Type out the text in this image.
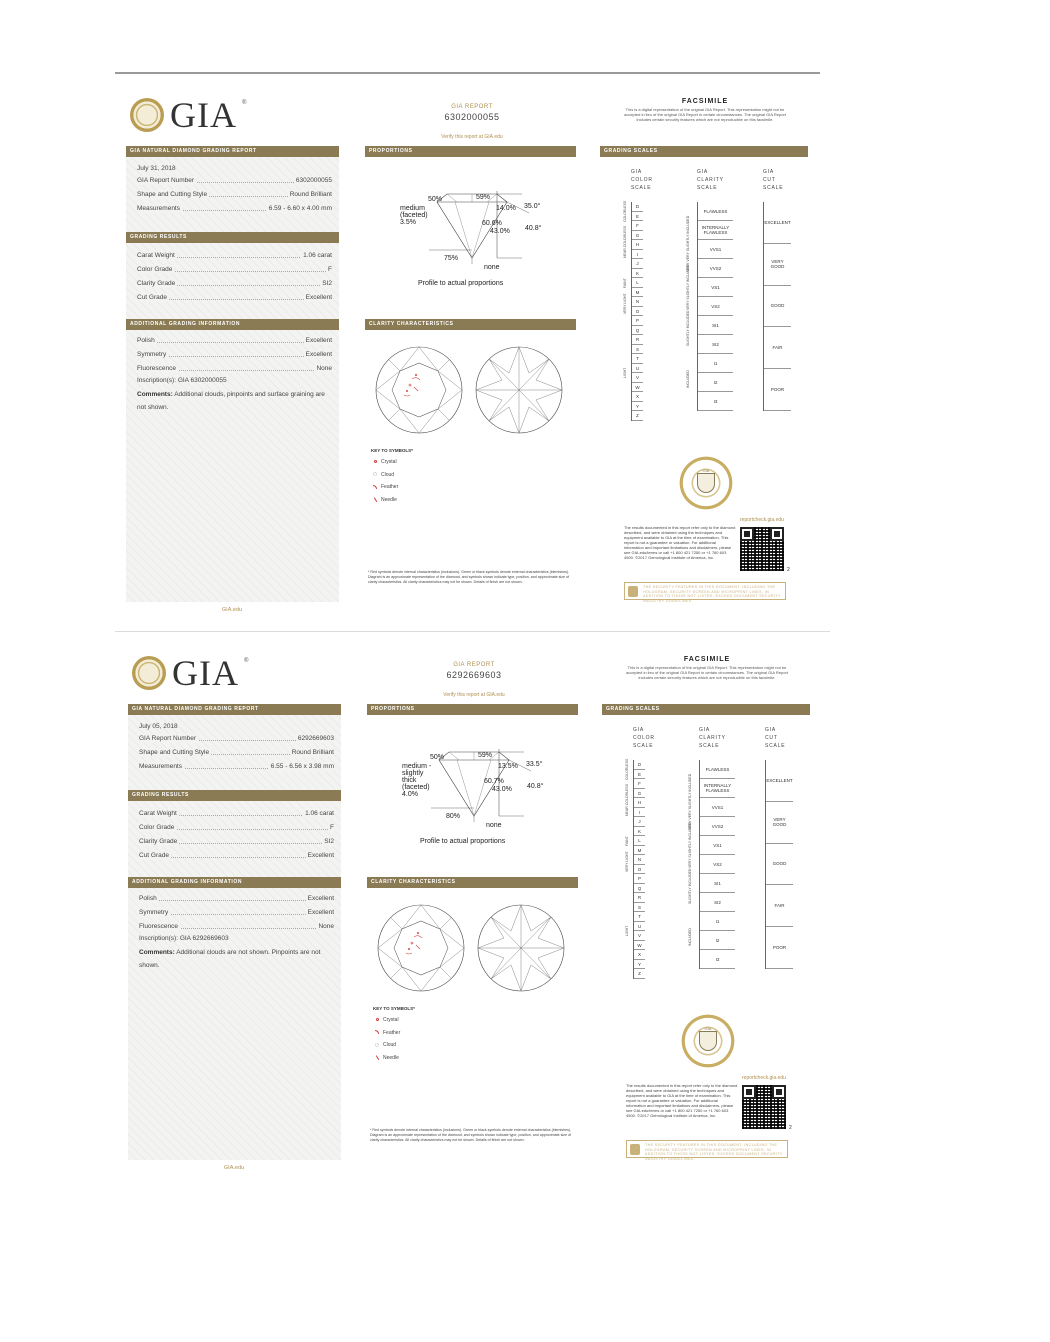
GIA ®
GIA REPORT
6302000055
Verify this report at GIA.edu
FACSIMILE
This is a digital representation of the original GIA Report. This representation might not be accepted in lieu of the original GIA Report in certain circumstances. The original GIA Report includes certain security features which are not reproducible on this facsimile.
GIA NATURAL DIAMOND GRADING REPORT
July 31, 2018
GIA Report Number	6302000055
Shape and Cutting Style	Round Brilliant
Measurements	6.59 - 6.60 x 4.00 mm
GRADING RESULTS
Carat Weight	1.06 carat
Color Grade	F
Clarity Grade	SI2
Cut Grade	Excellent
ADDITIONAL GRADING INFORMATION
Polish	Excellent
Symmetry	Excellent
Fluorescence	None
Inscription(s): GIA 6302000055
Comments: Additional clouds, pinpoints and surface graining are not shown.
GIA.edu
PROPORTIONS
50%	59%
35.0°
14.0%
60.6%
40.8°
43.0%
medium (faceted) 3.5%
75%
none
Profile to actual proportions
CLARITY CHARACTERISTICS
KEY TO SYMBOLS*
Crystal
Cloud
Feather
Needle
* Red symbols denote internal characteristics (inclusions). Green or black symbols denote external characteristics (blemishes). Diagram is an approximate representation of the diamond, and symbols shown indicate type, position, and approximate size of clarity characteristics. All clarity characteristics may not be shown. Details of finish are not shown.
GRADING SCALES
GIA
COLOR
SCALE
GIA
CLARITY
SCALE
GIA
CUT
SCALE
D
E
F
G
H
I
J
K
L
M
N
O
P
Q
R
S
T
U
V
W
X
Y
Z
COLORLESS
NEAR COLORLESS
FAINT
VERY LIGHT
LIGHT
FLAWLESS
INTERNALLY FLAWLESS
VVS1
VVS2
VS1
VS2
SI1
SI2
I1
I2
I3
VERY VERY SLIGHTLY INCLUDED
VERY SLIGHTLY INCLUDED
SLIGHTLY INCLUDED
INCLUDED
EXCELLENT
VERY GOOD
GOOD
FAIR
POOR
GIA
reportcheck.gia.edu
The results documented in this report refer only to the diamond described, and were obtained using the techniques and equipment available to GIA at the time of examination. This report is not a guarantee or valuation. For additional information and important limitations and disclaimers, please see GIA.edu/terms or call +1 800 421 7250 or +1 760 603 4500. ©2017 Gemological Institute of America, Inc.
2
THE SECURITY FEATURES IN THIS DOCUMENT, INCLUDING THE HOLOGRAM, SECURITY SCREEN AND MICROPRINT LINES, IN ADDITION TO THOSE NOT LISTED, EXCEED DOCUMENT SECURITY INDUSTRY GUIDELINES.
GIA ®
GIA REPORT
6292669603
Verify this report at GIA.edu
FACSIMILE
This is a digital representation of the original GIA Report. This representation might not be accepted in lieu of the original GIA Report in certain circumstances. The original GIA Report includes certain security features which are not reproducible on this facsimile.
GIA NATURAL DIAMOND GRADING REPORT
July 05, 2018
GIA Report Number	6292669603
Shape and Cutting Style	Round Brilliant
Measurements	6.55 - 6.56 x 3.98 mm
GRADING RESULTS
Carat Weight	1.06 carat
Color Grade	F
Clarity Grade	SI2
Cut Grade	Excellent
ADDITIONAL GRADING INFORMATION
Polish	Excellent
Symmetry	Excellent
Fluorescence	None
Inscription(s): GIA 6292669603
Comments: Additional clouds are not shown. Pinpoints are not shown.
GIA.edu
PROPORTIONS
50%	59%
33.5°
13.5%
60.7%
40.8°
43.0%
medium - slightly thick (faceted) 4.0%
80%
none
Profile to actual proportions
CLARITY CHARACTERISTICS
KEY TO SYMBOLS*
Crystal
Feather
Cloud
Needle
* Red symbols denote internal characteristics (inclusions). Green or black symbols denote external characteristics (blemishes). Diagram is an approximate representation of the diamond, and symbols shown indicate type, position, and approximate size of clarity characteristics. All clarity characteristics may not be shown. Details of finish are not shown.
GRADING SCALES
GIA
COLOR
SCALE
GIA
CLARITY
SCALE
GIA
CUT
SCALE
D
E
F
G
H
I
J
K
L
M
N
O
P
Q
R
S
T
U
V
W
X
Y
Z
COLORLESS
NEAR COLORLESS
FAINT
VERY LIGHT
LIGHT
FLAWLESS
INTERNALLY FLAWLESS
VVS1
VVS2
VS1
VS2
SI1
SI2
I1
I2
I3
VERY VERY SLIGHTLY INCLUDED
VERY SLIGHTLY INCLUDED
SLIGHTLY INCLUDED
INCLUDED
EXCELLENT
VERY GOOD
GOOD
FAIR
POOR
GIA
reportcheck.gia.edu
The results documented in this report refer only to the diamond described, and were obtained using the techniques and equipment available to GIA at the time of examination. This report is not a guarantee or valuation. For additional information and important limitations and disclaimers, please see GIA.edu/terms or call +1 800 421 7250 or +1 760 603 4500. ©2017 Gemological Institute of America, Inc.
2
THE SECURITY FEATURES IN THIS DOCUMENT, INCLUDING THE HOLOGRAM, SECURITY SCREEN AND MICROPRINT LINES, IN ADDITION TO THOSE NOT LISTED, EXCEED DOCUMENT SECURITY INDUSTRY GUIDELINES.
